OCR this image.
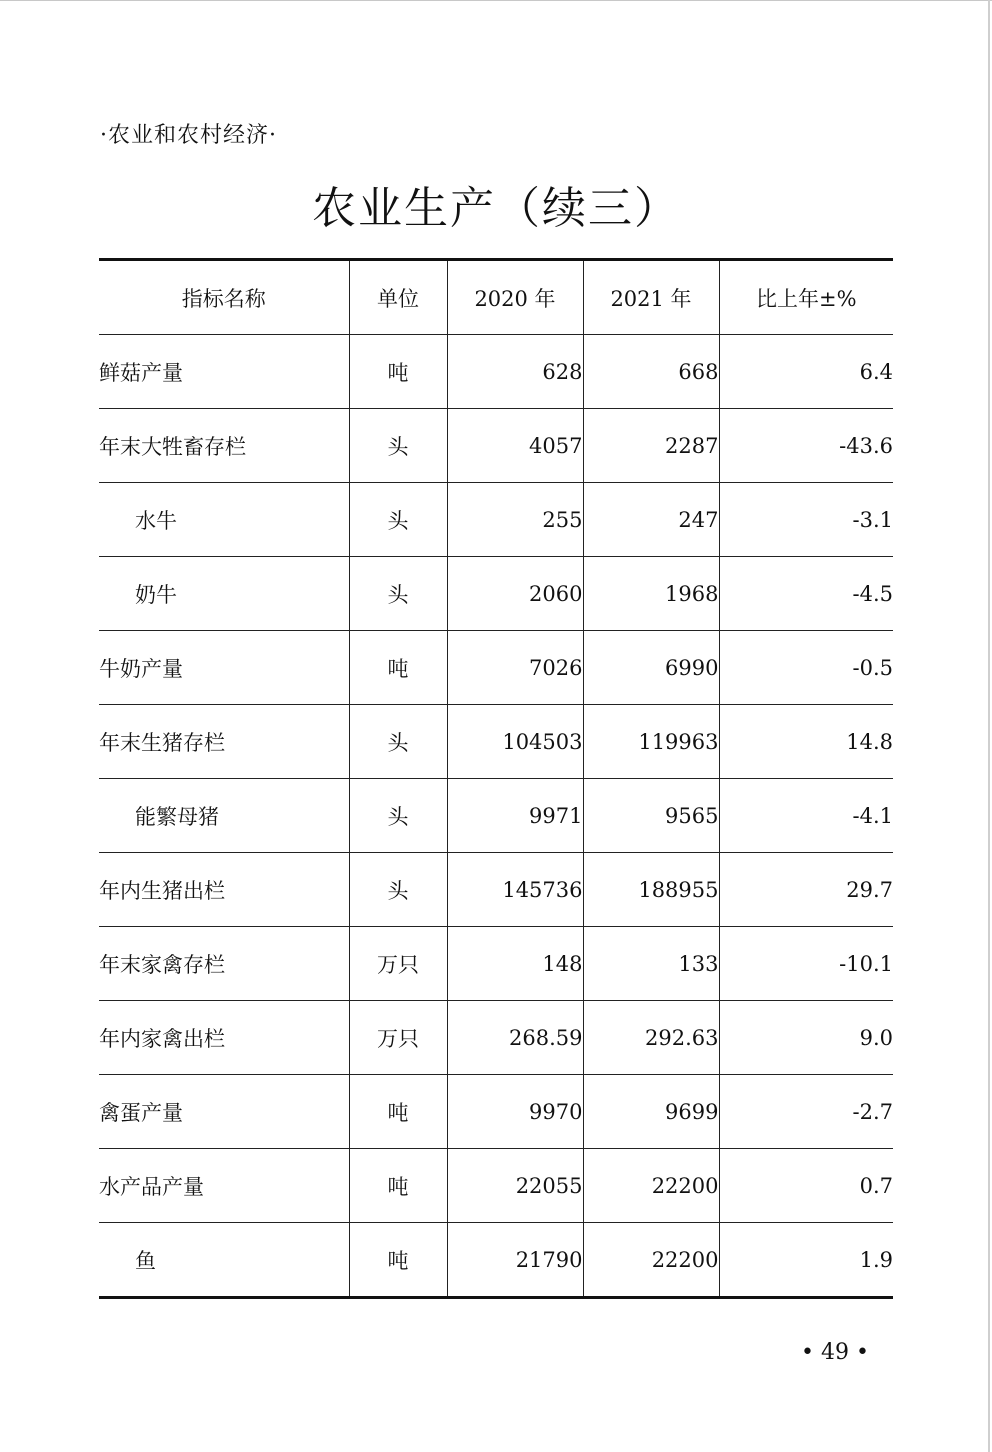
·农业和农村经济·
农业生产（续三）
指标名称	单位	2020 年	2021 年	比上年±%
鲜菇产量	吨	628	668	6.4
年末大牲畜存栏	头	4057	2287	-43.6
水牛	头	255	247	-3.1
奶牛	头	2060	1968	-4.5
牛奶产量	吨	7026	6990	-0.5
年末生猪存栏	头	104503	119963	14.8
能繁母猪	头	9971	9565	-4.1
年内生猪出栏	头	145736	188955	29.7
年末家禽存栏	万只	148	133	-10.1
年内家禽出栏	万只	268.59	292.63	9.0
禽蛋产量	吨	9970	9699	-2.7
水产品产量	吨	22055	22200	0.7
鱼	吨	21790	22200	1.9
• 49 •
